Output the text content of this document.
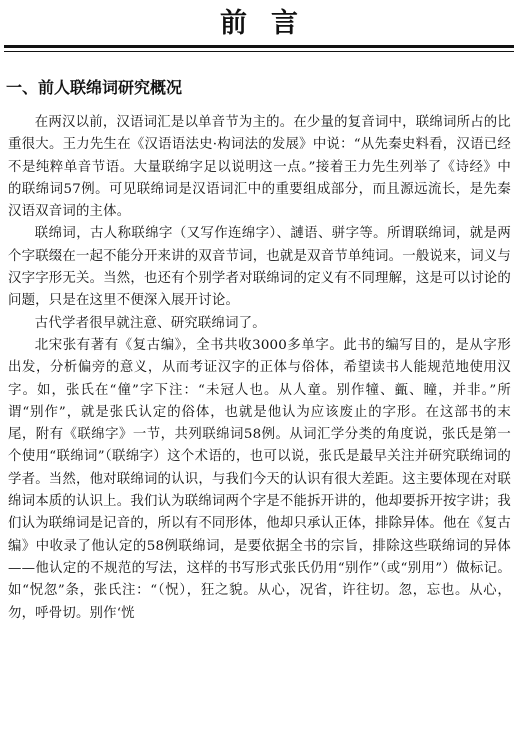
前言
一、前人联绵词研究概况

在两汉以前，汉语词汇是以单音节为主的。在少量的复音词中，联绵词所占的比重很大。王力先生在《汉语语法史·构词法的发展》中说：“从先秦史料看，汉语已经不是纯粹单音节语。大量联绵字足以说明这一点。”接着王力先生列举了《诗经》中的联绵词57例。可见联绵词是汉语词汇中的重要组成部分，而且源远流长，是先秦汉语双音词的主体。

联绵词，古人称联绵字（又写作连绵字）、謰语、骈字等。所谓联绵词，就是两个字联缀在一起不能分开来讲的双音节词，也就是双音节单纯词。一般说来，词义与汉字字形无关。当然，也还有个别学者对联绵词的定义有不同理解，这是可以讨论的问题，只是在这里不便深入展开讨论。

古代学者很早就注意、研究联绵词了。

北宋张有著有《复古编》，全书共收3000多单字。此书的编写目的，是从字形出发，分析偏旁的意义，从而考证汉字的正体与俗体，希望读书人能规范地使用汉字。如，张氏在“僮”字下注：“未冠人也。从人童。别作犝、㼿、瞳，并非。”所谓“别作”，就是张氏认定的俗体，也就是他认为应该废止的字形。在这部书的末尾，附有《联绵字》一节，共列联绵词58例。从词汇学分类的角度说，张氏是第一个使用“联绵词”（联绵字）这个术语的，也可以说，张氏是最早关注并研究联绵词的学者。当然，他对联绵词的认识，与我们今天的认识有很大差距。这主要体现在对联绵词本质的认识上。我们认为联绵词两个字是不能拆开讲的，他却要拆开按字讲；我们认为联绵词是记音的，所以有不同形体，他却只承认正体，排除异体。他在《复古编》中收录了他认定的58例联绵词，是要依据全书的宗旨，排除这些联绵词的异体——他认定的不规范的写法，这样的书写形式张氏仍用“别作”（或“别用”）做标记。如“怳忽”条，张氏注：“（怳），狂之貌。从心，况省，许往切。忽，忘也。从心，勿，呼骨切。别作‘恍
